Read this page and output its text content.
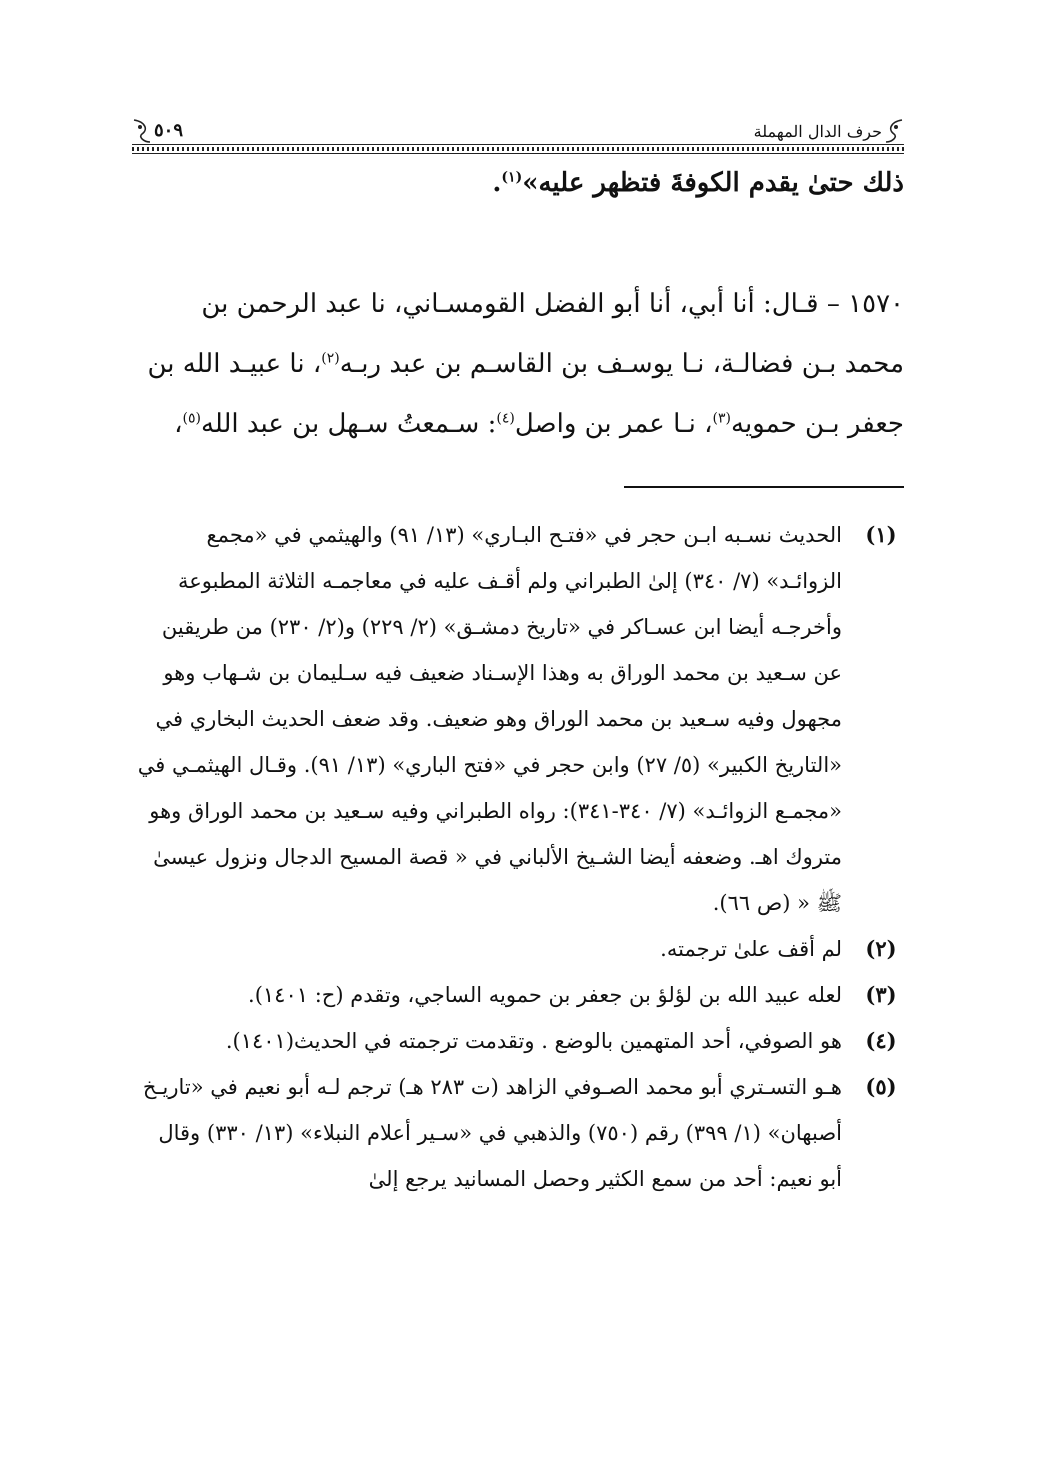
حرف الدال المهملة
٥٠٩
ذلك حتىٰ يقدم الكوفةَ فتظهر عليه»$^{(١)}$.

١٥٧٠ – قـال: أنا أبي، أنا أبو الفضل القومسـاني، نا عبد الرحمن بن

محمد بـن فضالـة، نـا يوسـف بن القاسـم بن عبد ربـه$^{(٢)}$، نا عبيـد الله بن

جعفر بـن حمويه$^{(٣)}$، نـا عمر بن واصل$^{(٤)}$: سـمعتُ سـهل بن عبد الله$^{(٥)}$،

(١)
الحديث نسـبه ابـن حجر في «فتـح البـاري» (١٣/ ٩١) والهيثمي في «مجمع الزوائـد» (٧/ ٣٤٠) إلىٰ الطبراني ولم أقـف عليه في معاجمـه الثلاثة المطبوعة وأخرجـه أيضا ابن عسـاكر في «تاريخ دمشـق» (٢/ ٢٢٩) و(٢/ ٢٣٠) من طريقين عن سـعيد بن محمد الوراق به وهذا الإسـناد ضعيف فيه سـليمان بن شـهاب وهو مجهول وفيه سـعيد بن محمد الوراق وهو ضعيف. وقد ضعف الحديث البخاري في «التاريخ الكبير» (٥/ ٢٧) وابن حجر في «فتح الباري» (١٣/ ٩١). وقـال الهيثمـي في «مجمـع الزوائـد» (٧/ ٣٤٠-٣٤١): رواه الطبراني وفيه سـعيد بن محمد الوراق وهو متروك اهـ. وضعفه أيضا الشـيخ الألباني في « قصة المسيح الدجال ونزول عيسىٰ ﷺ « (ص ٦٦).
(٢)
لم أقف علىٰ ترجمته.
(٣)
لعله عبيد الله بن لؤلؤ بن جعفر بن حمويه الساجي، وتقدم (ح: ١٤٠١).
(٤)
هو الصوفي، أحد المتهمين بالوضع . وتقدمت ترجمته في الحديث(١٤٠١).
(٥)
هـو التسـتري أبو محمد الصـوفي الزاهد (ت ٢٨٣ هـ) ترجم لـه أبو نعيم في «تاريـخ أصبهان» (١/ ٣٩٩) رقم (٧٥٠) والذهبي في «سـير أعلام النبلاء» (١٣/ ٣٣٠) وقال أبو نعيم: أحد من سمع الكثير وحصل المسانيد يرجع إلىٰ
